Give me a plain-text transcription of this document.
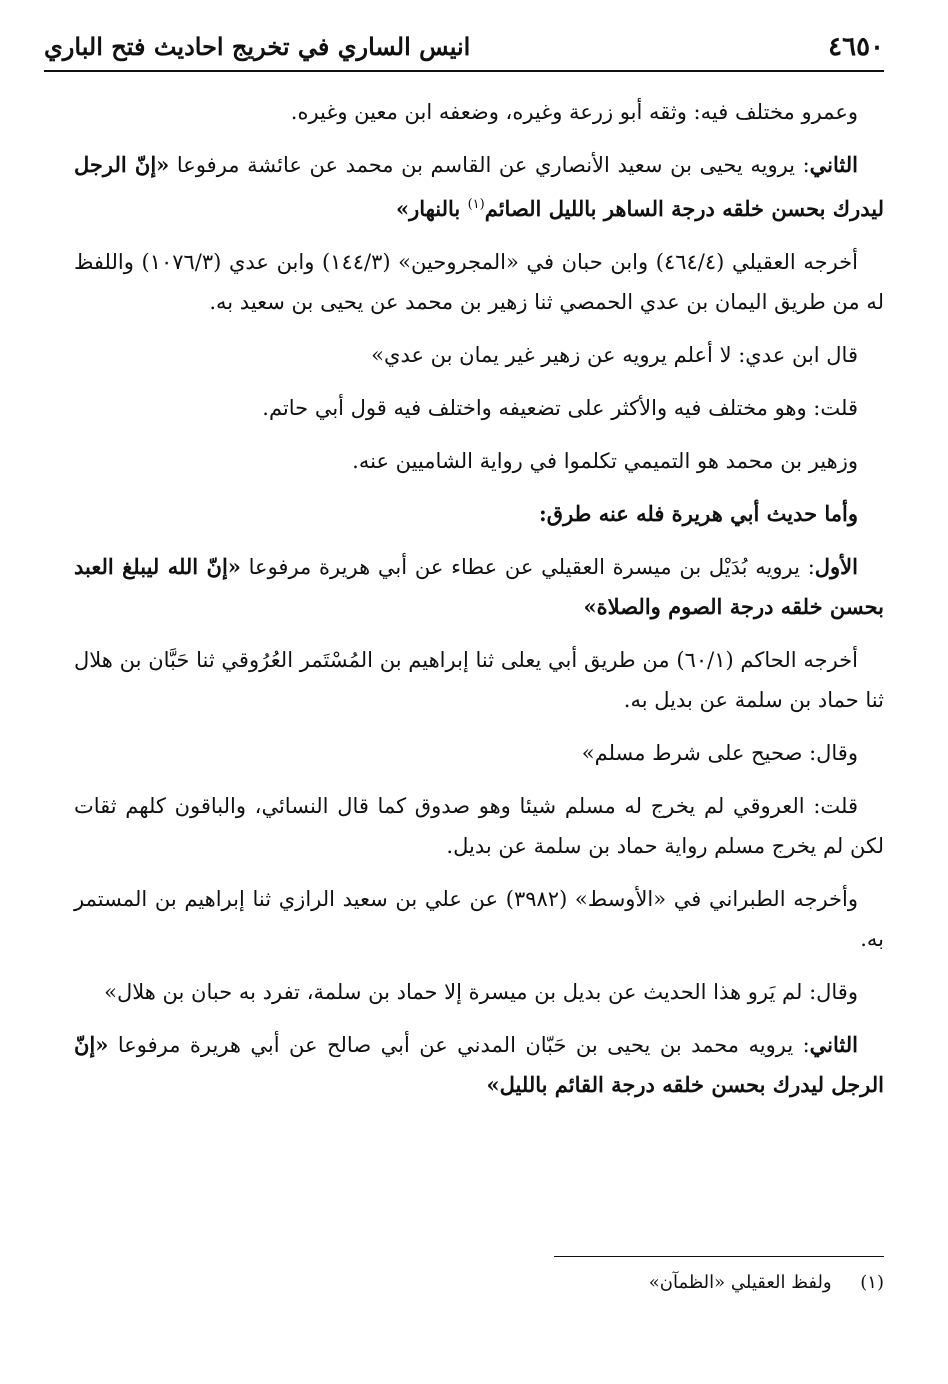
٤٦٥٠
انيس الساري في تخريج احاديث فتح الباري

وعمرو مختلف فيه: وثقه أبو زرعة وغيره، وضعفه ابن معين وغيره.

الثاني: يرويه يحيى بن سعيد الأنصاري عن القاسم بن محمد عن عائشة مرفوعا «إنّ الرجل ليدرك بحسن خلقه درجة الساهر بالليل الصائم$^{(١)}$ بالنهار»

أخرجه العقيلي (٤٦٤/٤) وابن حبان في «المجروحين» (١٤٤/٣) وابن عدي (١٠٧٦/٣) واللفظ له من طريق اليمان بن عدي الحمصي ثنا زهير بن محمد عن يحيى بن سعيد به.

قال ابن عدي: لا أعلم يرويه عن زهير غير يمان بن عدي»

قلت: وهو مختلف فيه والأكثر على تضعيفه واختلف فيه قول أبي حاتم.

وزهير بن محمد هو التميمي تكلموا في رواية الشاميين عنه.

وأما حديث أبي هريرة فله عنه طرق:

الأول: يرويه بُدَيْل بن ميسرة العقيلي عن عطاء عن أبي هريرة مرفوعا «إنّ الله ليبلغ العبد بحسن خلقه درجة الصوم والصلاة»

أخرجه الحاكم (٦٠/١) من طريق أبي يعلى ثنا إبراهيم بن المُسْتَمر العُرُوقي ثنا حَبَّان بن هلال ثنا حماد بن سلمة عن بديل به.

وقال: صحيح على شرط مسلم»

قلت: العروقي لم يخرج له مسلم شيئا وهو صدوق كما قال النسائي، والباقون كلهم ثقات لكن لم يخرج مسلم رواية حماد بن سلمة عن بديل.

وأخرجه الطبراني في «الأوسط» (٣٩٨٢) عن علي بن سعيد الرازي ثنا إبراهيم بن المستمر به.

وقال: لم يَرو هذا الحديث عن بديل بن ميسرة إلا حماد بن سلمة، تفرد به حبان بن هلال»

الثاني: يرويه محمد بن يحيى بن حَبّان المدني عن أبي صالح عن أبي هريرة مرفوعا «إنّ الرجل ليدرك بحسن خلقه درجة القائم بالليل»

(١)     ولفظ العقيلي «الظمآن»
